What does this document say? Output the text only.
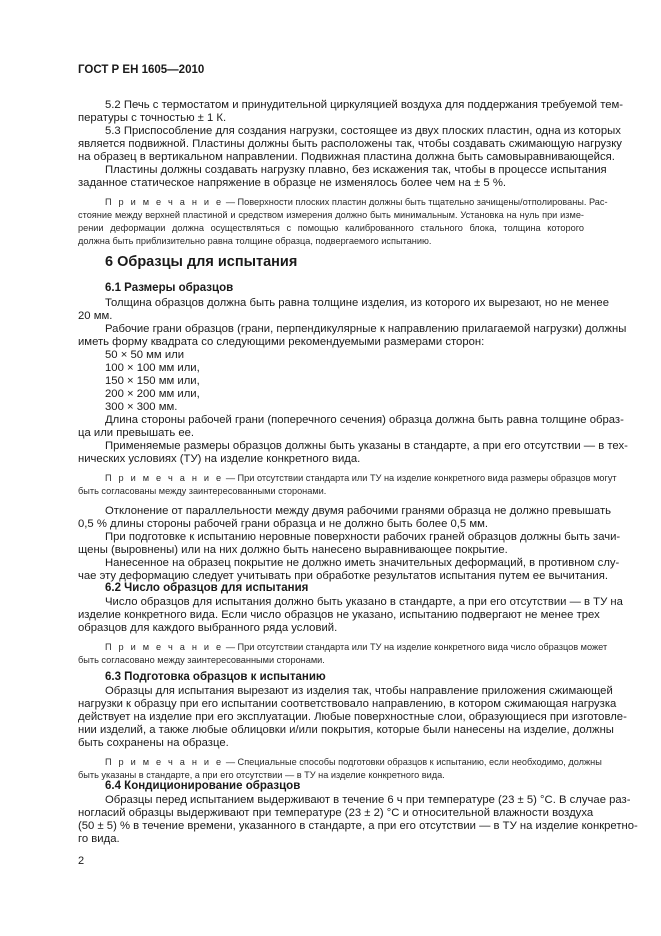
ГОСТ Р ЕН 1605—2010
5.2 Печь с термостатом и принудительной циркуляцией воздуха для поддержания требуемой тем-
пературы с точностью ± 1 К.
5.3 Приспособление для создания нагрузки, состоящее из двух плоских пластин, одна из которых
является подвижной. Пластины должны быть расположены так, чтобы создавать сжимающую нагрузку
на образец в вертикальном направлении. Подвижная пластина должна быть самовыравнивающейся.
Пластины должны создавать нагрузку плавно, без искажения так, чтобы в процессе испытания
заданное статическое напряжение в образце не изменялось более чем на ± 5 %.
П р и м е ч а н и е — Поверхности плоских пластин должны быть тщательно зачищены/отполированы. Рас-
стояние между верхней пластиной и средством измерения должно быть минимальным. Установка на нуль при изме-
рении деформации должна осуществляться с помощью калиброванного стального блока, толщина которого
должна быть приблизительно равна толщине образца, подвергаемого испытанию.
6 Образцы для испытания
6.1 Размеры образцов
Толщина образцов должна быть равна толщине изделия, из которого их вырезают, но не менее
20 мм.
Рабочие грани образцов (грани, перпендикулярные к направлению прилагаемой нагрузки) должны
иметь форму квадрата со следующими рекомендуемыми размерами сторон:
50 × 50 мм или
100 × 100 мм или,
150 × 150 мм или,
200 × 200 мм или,
300 × 300 мм.
Длина стороны рабочей грани (поперечного сечения) образца должна быть равна толщине образ-
ца или превышать ее.
Применяемые размеры образцов должны быть указаны в стандарте, а при его отсутствии — в тех-
нических условиях (ТУ) на изделие конкретного вида.
П р и м е ч а н и е — При отсутствии стандарта или ТУ на изделие конкретного вида размеры образцов могут
быть согласованы между заинтересованными сторонами.
Отклонение от параллельности между двумя рабочими гранями образца не должно превышать
0,5 % длины стороны рабочей грани образца и не должно быть более 0,5 мм.
При подготовке к испытанию неровные поверхности рабочих граней образцов должны быть зачи-
щены (выровнены) или на них должно быть нанесено выравнивающее покрытие.
Нанесенное на образец покрытие не должно иметь значительных деформаций, в противном слу-
чае эту деформацию следует учитывать при обработке результатов испытания путем ее вычитания.
6.2 Число образцов для испытания
Число образцов для испытания должно быть указано в стандарте, а при его отсутствии — в ТУ на
изделие конкретного вида. Если число образцов не указано, испытанию подвергают не менее трех
образцов для каждого выбранного ряда условий.
П р и м е ч а н и е — При отсутствии стандарта или ТУ на изделие конкретного вида число образцов может
быть согласовано между заинтересованными сторонами.
6.3 Подготовка образцов к испытанию
Образцы для испытания вырезают из изделия так, чтобы направление приложения сжимающей
нагрузки к образцу при его испытании соответствовало направлению, в котором сжимающая нагрузка
действует на изделие при его эксплуатации. Любые поверхностные слои, образующиеся при изготовле-
нии изделий, а также любые облицовки и/или покрытия, которые были нанесены на изделие, должны
быть сохранены на образце.
П р и м е ч а н и е — Специальные способы подготовки образцов к испытанию, если необходимо, должны
быть указаны в стандарте, а при его отсутствии — в ТУ на изделие конкретного вида.
6.4 Кондиционирование образцов
Образцы перед испытанием выдерживают в течение 6 ч при температуре (23 ± 5) °С. В случае раз-
ногласий образцы выдерживают при температуре (23 ± 2) °С и относительной влажности воздуха
(50 ± 5) % в течение времени, указанного в стандарте, а при его отсутствии — в ТУ на изделие конкретно-
го вида.
2
